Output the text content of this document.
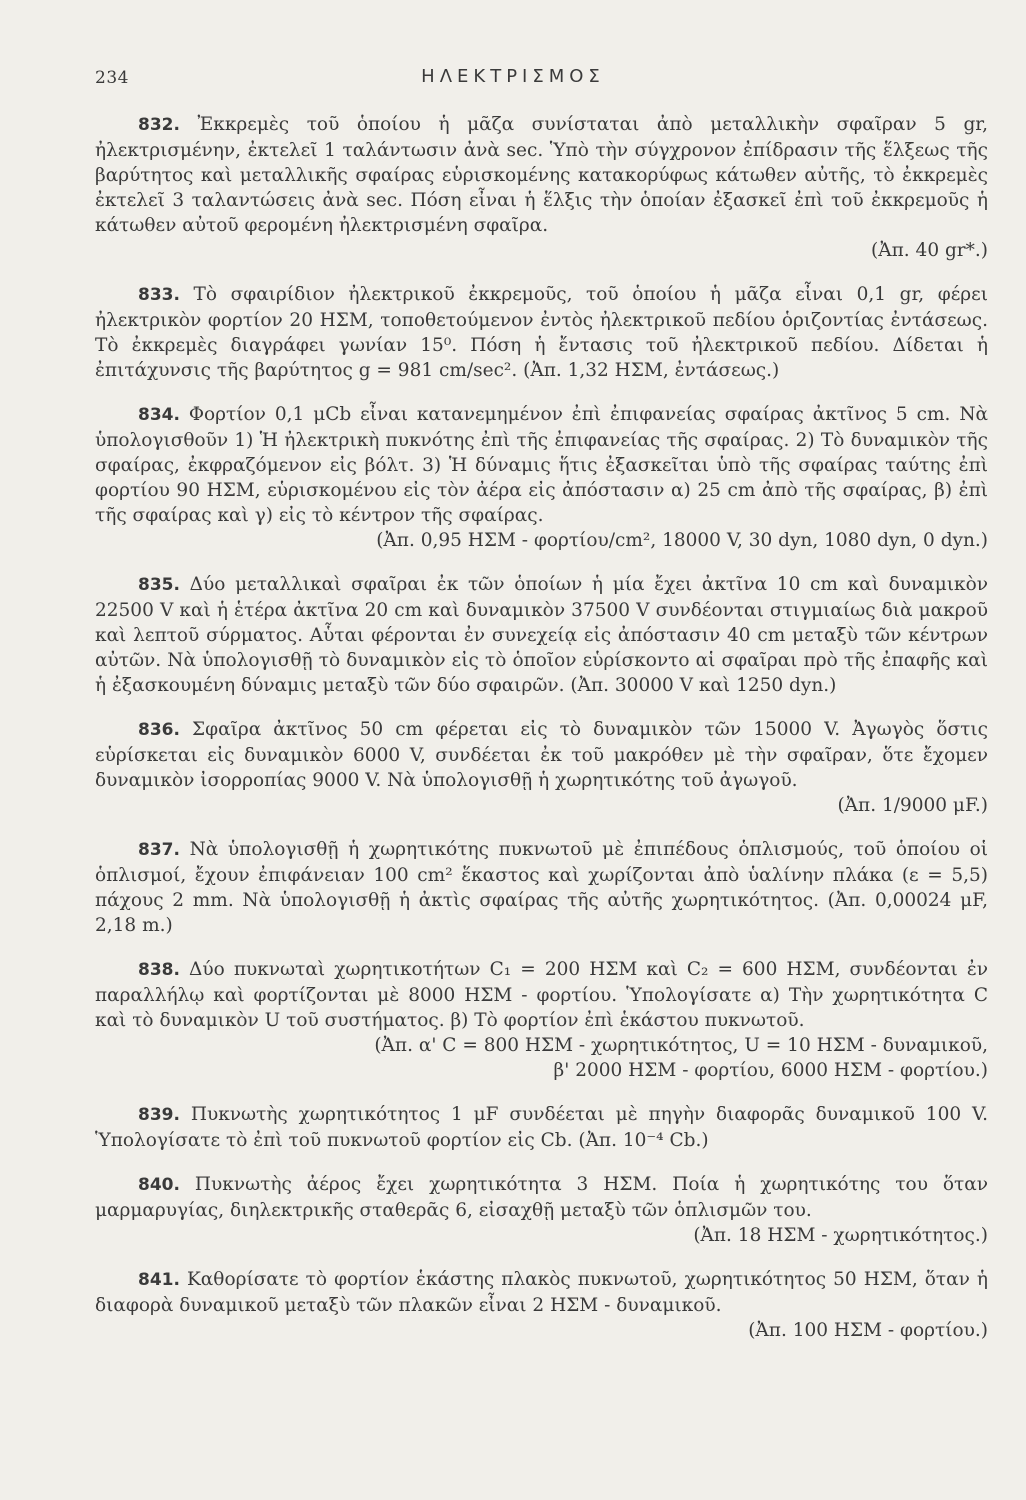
234	ΗΛΕΚΤΡΙΣΜΟΣ
832. Ἐκκρεμὲς τοῦ ὁποίου ἡ μᾶζα συνίσταται ἀπὸ μεταλλικὴν σφαῖραν 5 gr, ἠλεκτρισμένην, ἐκτελεῖ 1 ταλάντωσιν ἀνὰ sec. Ὑπὸ τὴν σύγχρονον ἐπίδρασιν τῆς ἕλξεως τῆς βαρύτητος καὶ μεταλλικῆς σφαίρας εὑρισκομένης κατακορύφως κάτωθεν αὐτῆς, τὸ ἐκκρεμὲς ἐκτελεῖ 3 ταλαντώσεις ἀνὰ sec. Πόση εἶναι ἡ ἕλξις τὴν ὁποίαν ἐξασκεῖ ἐπὶ τοῦ ἐκκρεμοῦς ἡ κάτωθεν αὐτοῦ φερομένη ἠλεκτρισμένη σφαῖρα.
(Ἀπ. 40 gr*.)
833. Τὸ σφαιρίδιον ἠλεκτρικοῦ ἐκκρεμοῦς, τοῦ ὁποίου ἡ μᾶζα εἶναι 0,1 gr, φέρει ἠλεκτρικὸν φορτίον 20 ΗΣΜ, τοποθετούμενον ἐντὸς ἠλεκτρικοῦ πεδίου ὁριζοντίας ἐντάσεως. Τὸ ἐκκρεμὲς διαγράφει γωνίαν 15⁰. Πόση ἡ ἔντασις τοῦ ἠλεκτρικοῦ πεδίου. Δίδεται ἡ ἐπιτάχυνσις τῆς βαρύτητος g = 981 cm/sec². (Ἀπ. 1,32 ΗΣΜ, ἐντάσεως.)
834. Φορτίον 0,1 μCb εἶναι κατανεμημένον ἐπὶ ἐπιφανείας σφαίρας ἀκτῖνος 5 cm. Νὰ ὑπολογισθοῦν 1) Ἡ ἠλεκτρικὴ πυκνότης ἐπὶ τῆς ἐπιφανείας τῆς σφαίρας. 2) Τὸ δυναμικὸν τῆς σφαίρας, ἐκφραζόμενον εἰς βόλτ. 3) Ἡ δύναμις ἥτις ἐξασκεῖται ὑπὸ τῆς σφαίρας ταύτης ἐπὶ φορτίου 90 ΗΣΜ, εὑρισκομένου εἰς τὸν ἀέρα εἰς ἀπόστασιν α) 25 cm ἀπὸ τῆς σφαίρας, β) ἐπὶ τῆς σφαίρας καὶ γ) εἰς τὸ κέντρον τῆς σφαίρας.
(Ἀπ. 0,95 ΗΣΜ - φορτίου/cm², 18000 V, 30 dyn, 1080 dyn, 0 dyn.)
835. Δύο μεταλλικαὶ σφαῖραι ἐκ τῶν ὁποίων ἡ μία ἔχει ἀκτῖνα 10 cm καὶ δυναμικὸν 22500 V καὶ ἡ ἑτέρα ἀκτῖνα 20 cm καὶ δυναμικὸν 37500 V συνδέονται στιγμιαίως διὰ μακροῦ καὶ λεπτοῦ σύρματος. Αὗται φέρονται ἐν συνεχείᾳ εἰς ἀπόστασιν 40 cm μεταξὺ τῶν κέντρων αὐτῶν. Νὰ ὑπολογισθῇ τὸ δυναμικὸν εἰς τὸ ὁποῖον εὑρίσκοντο αἱ σφαῖραι πρὸ τῆς ἐπαφῆς καὶ ἡ ἐξασκουμένη δύναμις μεταξὺ τῶν δύο σφαιρῶν. (Ἀπ. 30000 V καὶ 1250 dyn.)
836. Σφαῖρα ἀκτῖνος 50 cm φέρεται εἰς τὸ δυναμικὸν τῶν 15000 V. Ἀγωγὸς ὅστις εὑρίσκεται εἰς δυναμικὸν 6000 V, συνδέεται ἐκ τοῦ μακρόθεν μὲ τὴν σφαῖραν, ὅτε ἔχομεν δυναμικὸν ἰσορροπίας 9000 V. Νὰ ὑπολογισθῇ ἡ χωρητικότης τοῦ ἀγωγοῦ.
(Ἀπ. 1/9000 μF.)
837. Νὰ ὑπολογισθῇ ἡ χωρητικότης πυκνωτοῦ μὲ ἐπιπέδους ὁπλισμούς, τοῦ ὁποίου οἱ ὁπλισμοί, ἔχουν ἐπιφάνειαν 100 cm² ἕκαστος καὶ χωρίζονται ἀπὸ ὑαλίνην πλάκα (ε = 5,5) πάχους 2 mm. Νὰ ὑπολογισθῇ ἡ ἀκτὶς σφαίρας τῆς αὐτῆς χωρητικότητος. (Ἀπ. 0,00024 μF, 2,18 m.)
838. Δύο πυκνωταὶ χωρητικοτήτων C₁ = 200 ΗΣΜ καὶ C₂ = 600 ΗΣΜ, συνδέονται ἐν παραλλήλῳ καὶ φορτίζονται μὲ 8000 ΗΣΜ - φορτίου. Ὑπολογίσατε α) Τὴν χωρητικότητα C καὶ τὸ δυναμικὸν U τοῦ συστήματος. β) Τὸ φορτίον ἐπὶ ἑκάστου πυκνωτοῦ.
(Ἀπ. α' C = 800 ΗΣΜ - χωρητικότητος, U = 10 ΗΣΜ - δυναμικοῦ,
β' 2000 ΗΣΜ - φορτίου, 6000 ΗΣΜ - φορτίου.)
839. Πυκνωτὴς χωρητικότητος 1 μF συνδέεται μὲ πηγὴν διαφορᾶς δυναμικοῦ 100 V. Ὑπολογίσατε τὸ ἐπὶ τοῦ πυκνωτοῦ φορτίον εἰς Cb. (Ἀπ. 10⁻⁴ Cb.)
840. Πυκνωτὴς ἀέρος ἔχει χωρητικότητα 3 ΗΣΜ. Ποία ἡ χωρητικότης του ὅταν μαρμαρυγίας, διηλεκτρικῆς σταθερᾶς 6, εἰσαχθῇ μεταξὺ τῶν ὁπλισμῶν του.
(Ἀπ. 18 ΗΣΜ - χωρητικότητος.)
841. Καθορίσατε τὸ φορτίον ἑκάστης πλακὸς πυκνωτοῦ, χωρητικότητος 50 ΗΣΜ, ὅταν ἡ διαφορὰ δυναμικοῦ μεταξὺ τῶν πλακῶν εἶναι 2 ΗΣΜ - δυναμικοῦ.
(Ἀπ. 100 ΗΣΜ - φορτίου.)
